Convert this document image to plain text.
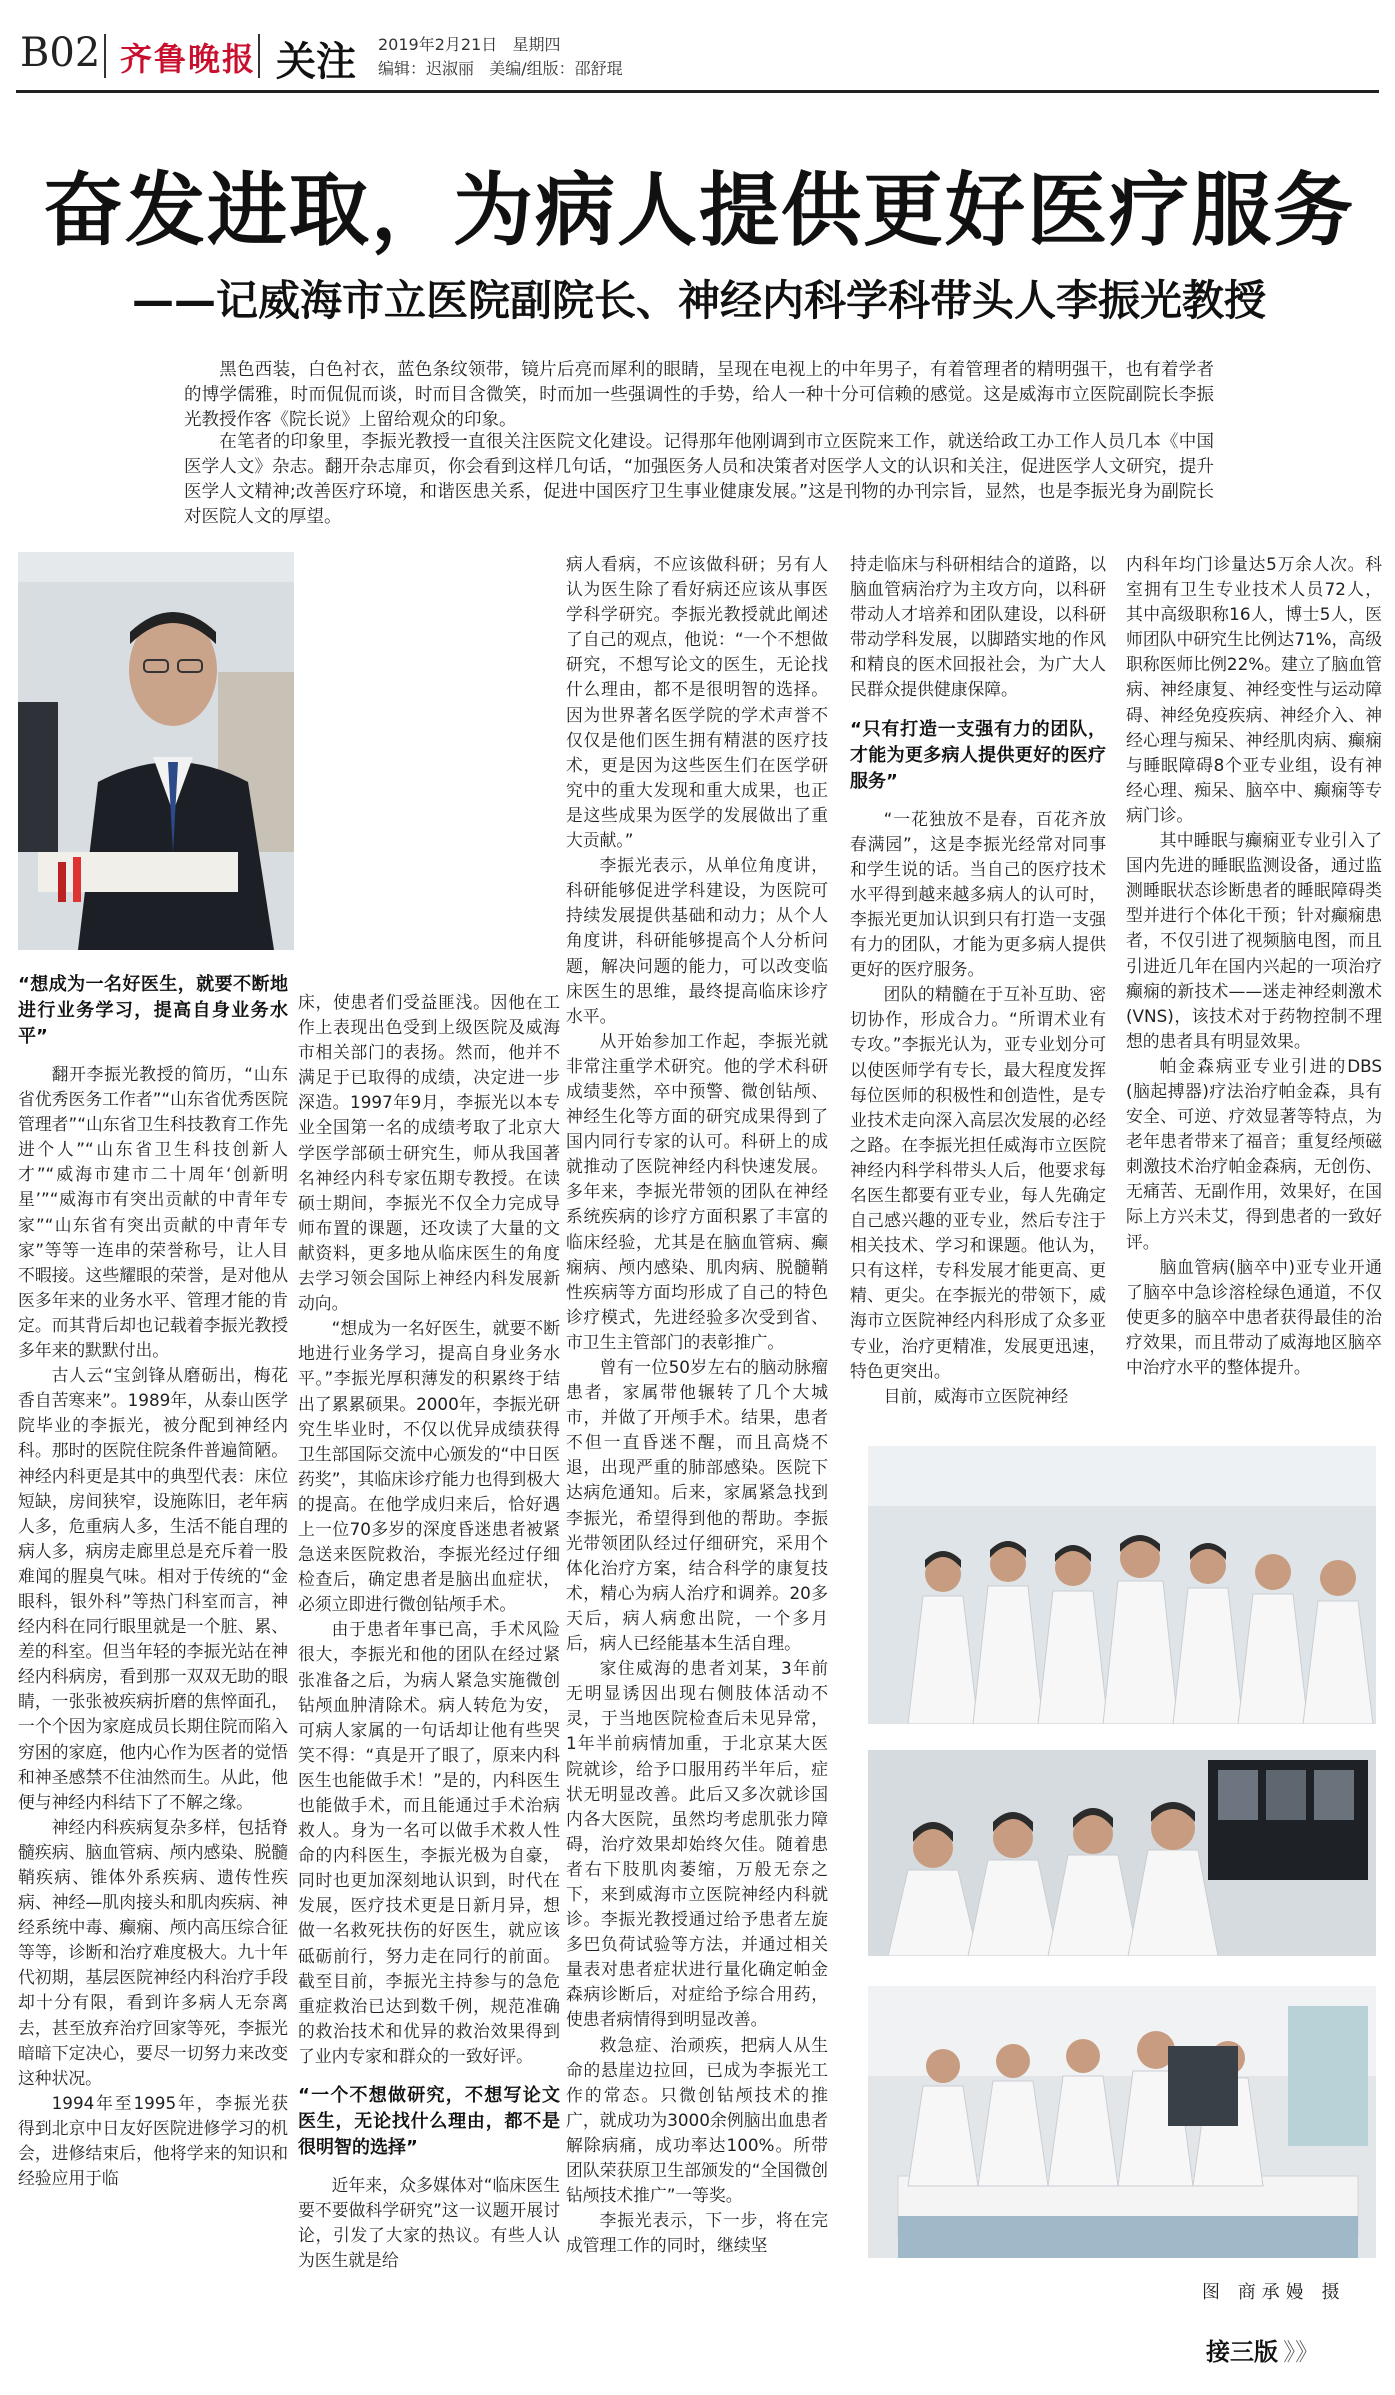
B02 齐鲁晚报 关注 2019年2月21日 星期四
编辑：迟淑丽 美编/组版：邵舒琨
奋发进取，为病人提供更好医疗服务
——记威海市立医院副院长、神经内科学科带头人李振光教授
黑色西装，白色衬衣，蓝色条纹领带，镜片后亮而犀利的眼睛，呈现在电视上的中年男子，有着管理者的精明强干，也有着学者的博学儒雅，时而侃侃而谈，时而目含微笑，时而加一些强调性的手势，给人一种十分可信赖的感觉。这是威海市立医院副院长李振光教授作客《院长说》上留给观众的印象。
在笔者的印象里，李振光教授一直很关注医院文化建设。记得那年他刚调到市立医院来工作，就送给政工办工作人员几本《中国医学人文》杂志。翻开杂志扉页，你会看到这样几句话，“加强医务人员和决策者对医学人文的认识和关注，促进医学人文研究，提升医学人文精神;改善医疗环境，和谐医患关系，促进中国医疗卫生事业健康发展。”这是刊物的办刊宗旨，显然，也是李振光身为副院长对医院人文的厚望。
“想成为一名好医生，就要不断地进行业务学习，提高自身业务水平”

翻开李振光教授的简历，“山东省优秀医务工作者”“山东省优秀医院管理者”“山东省卫生科技教育工作先进个人”“山东省卫生科技创新人才”“威海市建市二十周年‘创新明星’”“威海市有突出贡献的中青年专家”“山东省有突出贡献的中青年专家”等等一连串的荣誉称号，让人目不暇接。这些耀眼的荣誉，是对他从医多年来的业务水平、管理才能的肯定。而其背后却也记载着李振光教授多年来的默默付出。

古人云“宝剑锋从磨砺出，梅花香自苦寒来”。1989年，从泰山医学院毕业的李振光，被分配到神经内科。那时的医院住院条件普遍简陋。神经内科更是其中的典型代表：床位短缺，房间狭窄，设施陈旧，老年病人多，危重病人多，生活不能自理的病人多，病房走廊里总是充斥着一股难闻的腥臭气味。相对于传统的“金眼科，银外科”等热门科室而言，神经内科在同行眼里就是一个脏、累、差的科室。但当年轻的李振光站在神经内科病房，看到那一双双无助的眼睛，一张张被疾病折磨的焦悴面孔，一个个因为家庭成员长期住院而陷入穷困的家庭，他内心作为医者的觉悟和神圣感禁不住油然而生。从此，他便与神经内科结下了不解之缘。

神经内科疾病复杂多样，包括脊髓疾病、脑血管病、颅内感染、脱髓鞘疾病、锥体外系疾病、遗传性疾病、神经—肌肉接头和肌肉疾病、神经系统中毒、癫痫、颅内高压综合征等等，诊断和治疗难度极大。九十年代初期，基层医院神经内科治疗手段却十分有限，看到许多病人无奈离去，甚至放弃治疗回家等死，李振光暗暗下定决心，要尽一切努力来改变这种状况。

1994年至1995年，李振光获得到北京中日友好医院进修学习的机会，进修结束后，他将学来的知识和经验应用于临

床，使患者们受益匪浅。因他在工作上表现出色受到上级医院及威海市相关部门的表扬。然而，他并不满足于已取得的成绩，决定进一步深造。1997年9月，李振光以本专业全国第一名的成绩考取了北京大学医学部硕士研究生，师从我国著名神经内科专家伍期专教授。在读硕士期间，李振光不仅全力完成导师布置的课题，还攻读了大量的文献资料，更多地从临床医生的角度去学习领会国际上神经内科发展新动向。

“想成为一名好医生，就要不断地进行业务学习，提高自身业务水平。”李振光厚积薄发的积累终于结出了累累硕果。2000年，李振光研究生毕业时，不仅以优异成绩获得卫生部国际交流中心颁发的“中日医药奖”，其临床诊疗能力也得到极大的提高。在他学成归来后，恰好遇上一位70多岁的深度昏迷患者被紧急送来医院救治，李振光经过仔细检查后，确定患者是脑出血症状，必须立即进行微创钻颅手术。

由于患者年事已高，手术风险很大，李振光和他的团队在经过紧张准备之后，为病人紧急实施微创钻颅血肿清除术。病人转危为安，可病人家属的一句话却让他有些哭笑不得：“真是开了眼了，原来内科医生也能做手术！”是的，内科医生也能做手术，而且能通过手术治病救人。身为一名可以做手术救人性命的内科医生，李振光极为自豪，同时也更加深刻地认识到，时代在发展，医疗技术更是日新月异，想做一名救死扶伤的好医生，就应该砥砺前行，努力走在同行的前面。截至目前，李振光主持参与的急危重症救治已达到数千例，规范准确的救治技术和优异的救治效果得到了业内专家和群众的一致好评。

“一个不想做研究，不想写论文医生，无论找什么理由，都不是很明智的选择”

近年来，众多媒体对“临床医生要不要做科学研究”这一议题开展讨论，引发了大家的热议。有些人认为医生就是给

病人看病，不应该做科研；另有人认为医生除了看好病还应该从事医学科学研究。李振光教授就此阐述了自己的观点，他说：“一个不想做研究，不想写论文的医生，无论找什么理由，都不是很明智的选择。因为世界著名医学院的学术声誉不仅仅是他们医生拥有精湛的医疗技术，更是因为这些医生们在医学研究中的重大发现和重大成果，也正是这些成果为医学的发展做出了重大贡献。”

李振光表示，从单位角度讲，科研能够促进学科建设，为医院可持续发展提供基础和动力；从个人角度讲，科研能够提高个人分析问题，解决问题的能力，可以改变临床医生的思维，最终提高临床诊疗水平。

从开始参加工作起，李振光就非常注重学术研究。他的学术科研成绩斐然，卒中预警、微创钻颅、神经生化等方面的研究成果得到了国内同行专家的认可。科研上的成就推动了医院神经内科快速发展。多年来，李振光带领的团队在神经系统疾病的诊疗方面积累了丰富的临床经验，尤其是在脑血管病、癫痫病、颅内感染、肌肉病、脱髓鞘性疾病等方面均形成了自己的特色诊疗模式，先进经验多次受到省、市卫生主管部门的表彰推广。

曾有一位50岁左右的脑动脉瘤患者，家属带他辗转了几个大城市，并做了开颅手术。结果，患者不但一直昏迷不醒，而且高烧不退，出现严重的肺部感染。医院下达病危通知。后来，家属紧急找到李振光，希望得到他的帮助。李振光带领团队经过仔细研究，采用个体化治疗方案，结合科学的康复技术，精心为病人治疗和调养。20多天后，病人病愈出院，一个多月后，病人已经能基本生活自理。

家住威海的患者刘某，3年前无明显诱因出现右侧肢体活动不灵，于当地医院检查后未见异常，1年半前病情加重，于北京某大医院就诊，给予口服用药半年后，症状无明显改善。此后又多次就诊国内各大医院，虽然均考虑肌张力障碍，治疗效果却始终欠佳。随着患者右下肢肌肉萎缩，万般无奈之下，来到威海市立医院神经内科就诊。李振光教授通过给予患者左旋多巴负荷试验等方法，并通过相关量表对患者症状进行量化确定帕金森病诊断后，对症给予综合用药，使患者病情得到明显改善。

救急症、治顽疾，把病人从生命的悬崖边拉回，已成为李振光工作的常态。只微创钻颅技术的推广，就成功为3000余例脑出血患者解除病痛，成功率达100%。所带团队荣获原卫生部颁发的“全国微创钻颅技术推广”一等奖。

李振光表示，下一步，将在完成管理工作的同时，继续坚

持走临床与科研相结合的道路，以脑血管病治疗为主攻方向，以科研带动人才培养和团队建设，以科研带动学科发展，以脚踏实地的作风和精良的医术回报社会，为广大人民群众提供健康保障。

“只有打造一支强有力的团队，才能为更多病人提供更好的医疗服务”

“一花独放不是春，百花齐放春满园”，这是李振光经常对同事和学生说的话。当自己的医疗技术水平得到越来越多病人的认可时，李振光更加认识到只有打造一支强有力的团队，才能为更多病人提供更好的医疗服务。

团队的精髓在于互补互助、密切协作，形成合力。“所谓术业有专攻。”李振光认为，亚专业划分可以使医师学有专长，最大程度发挥每位医师的积极性和创造性，是专业技术走向深入高层次发展的必经之路。在李振光担任威海市立医院神经内科学科带头人后，他要求每名医生都要有亚专业，每人先确定自己感兴趣的亚专业，然后专注于相关技术、学习和课题。他认为，只有这样，专科发展才能更高、更精、更尖。在李振光的带领下，威海市立医院神经内科形成了众多亚专业，治疗更精准，发展更迅速，特色更突出。

目前，威海市立医院神经

内科年均门诊量达5万余人次。科室拥有卫生专业技术人员72人，其中高级职称16人，博士5人，医师团队中研究生比例达71%，高级职称医师比例22%。建立了脑血管病、神经康复、神经变性与运动障碍、神经免疫疾病、神经介入、神经心理与痴呆、神经肌肉病、癫痫与睡眠障碍8个亚专业组，设有神经心理、痴呆、脑卒中、癫痫等专病门诊。

其中睡眠与癫痫亚专业引入了国内先进的睡眠监测设备，通过监测睡眠状态诊断患者的睡眠障碍类型并进行个体化干预；针对癫痫患者，不仅引进了视频脑电图，而且引进近几年在国内兴起的一项治疗癫痫的新技术——迷走神经刺激术(VNS)，该技术对于药物控制不理想的患者具有明显效果。

帕金森病亚专业引进的DBS(脑起搏器)疗法治疗帕金森，具有安全、可逆、疗效显著等特点，为老年患者带来了福音；重复经颅磁刺激技术治疗帕金森病，无创伤、无痛苦、无副作用，效果好，在国际上方兴未艾，得到患者的一致好评。

脑血管病(脑卒中)亚专业开通了脑卒中急诊溶栓绿色通道，不仅使更多的脑卒中患者获得最佳的治疗效果，而且带动了威海地区脑卒中治疗水平的整体提升。

图 商承嫚 摄
接三版 》》
